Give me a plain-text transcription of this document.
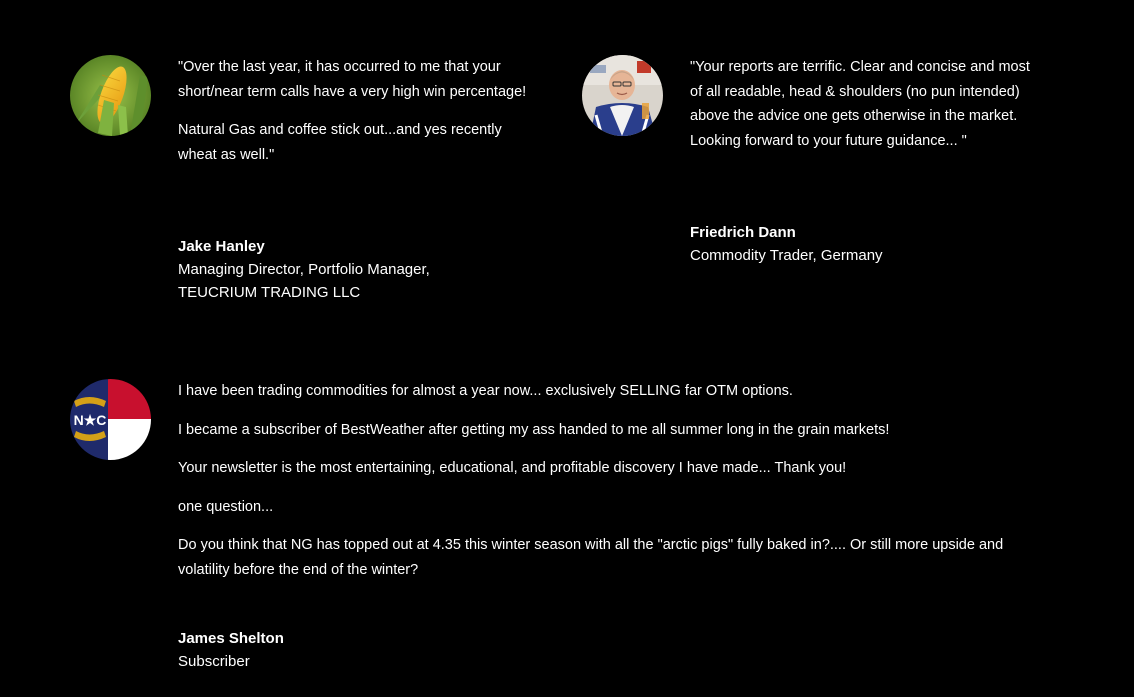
"Over the last year, it has occurred to me that your short/near term calls have a very high win percentage!

Natural Gas and coffee stick out...and yes recently wheat as well."

Jake Hanley
Managing Director, Portfolio Manager,
TEUCRIUM TRADING LLC

"Your reports are terrific. Clear and concise and most of all readable, head & shoulders (no pun intended) above the advice one gets otherwise in the market. Looking forward to your future guidance... "

Friedrich Dann
Commodity Trader, Germany
N★C

I have been trading commodities for almost a year now... exclusively SELLING far OTM options.

I became a subscriber of BestWeather after getting my ass handed to me all summer long in the grain markets!

Your newsletter is the most entertaining, educational, and profitable discovery I have made... Thank you!

one question...

Do you think that NG has topped out at 4.35 this winter season with all the "arctic pigs" fully baked in?.... Or still more upside and volatility before the end of the winter?

James Shelton
Subscriber
